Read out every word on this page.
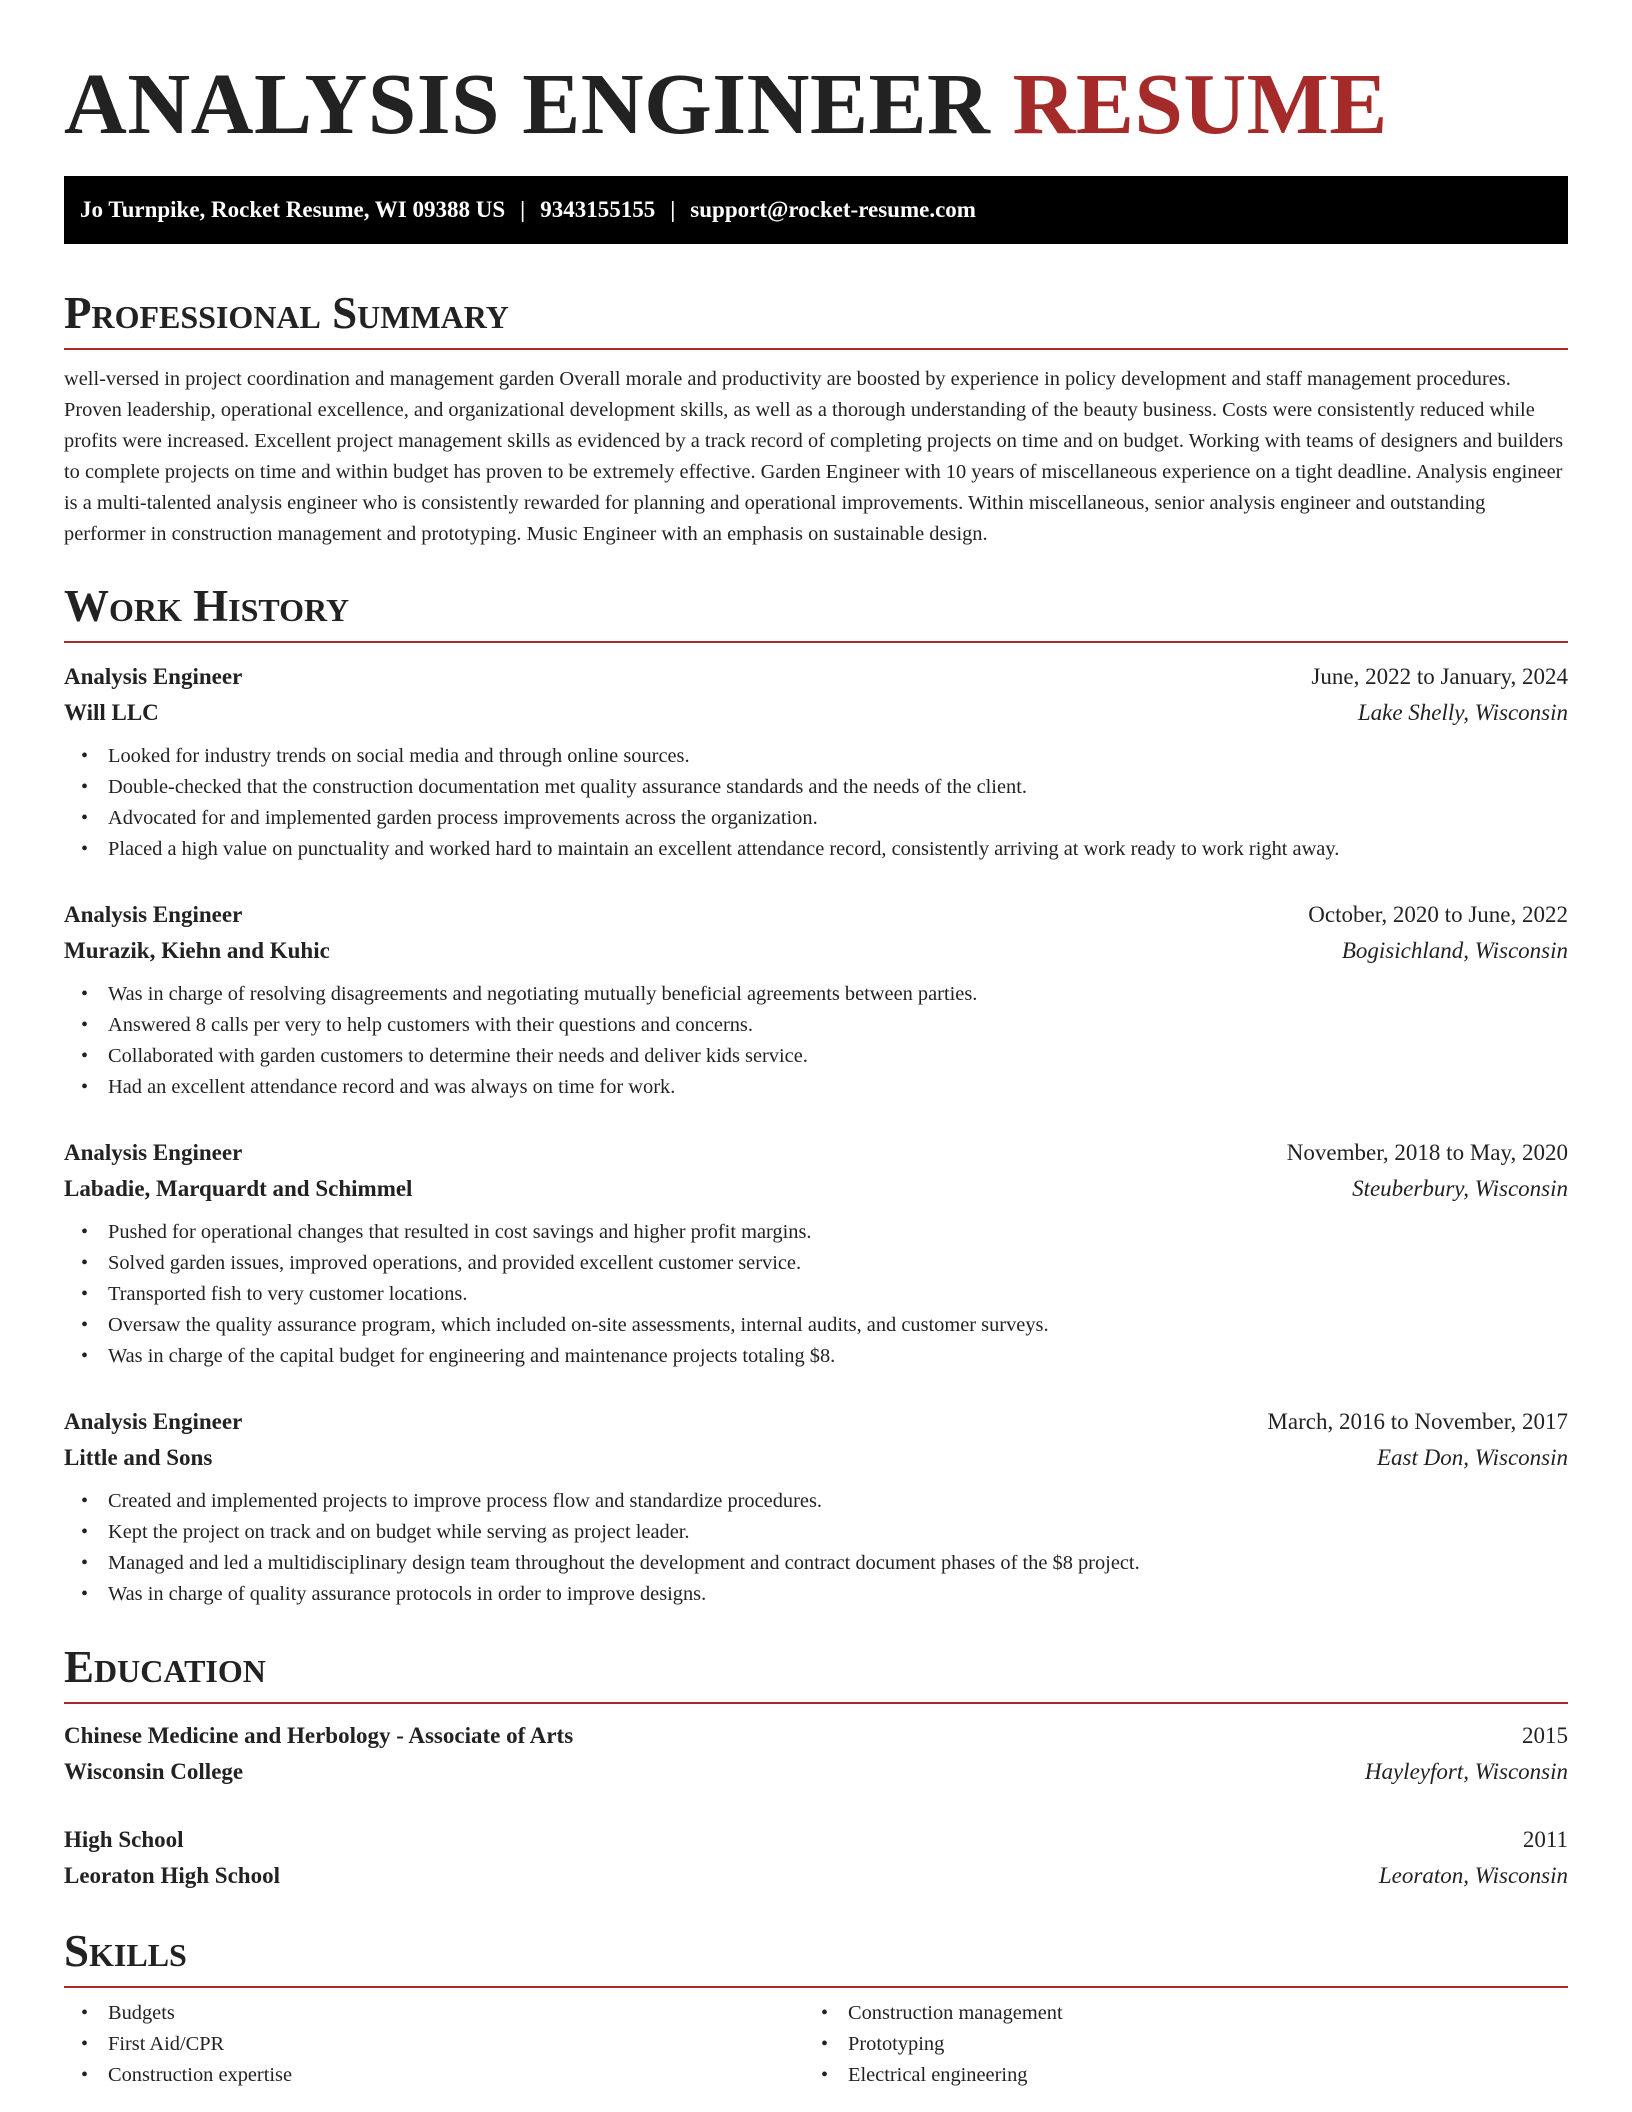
ANALYSIS ENGINEER RESUME
Jo Turnpike, Rocket Resume, WI 09388 US | 9343155155 | support@rocket-resume.com
Professional Summary

well-versed in project coordination and management garden Overall morale and productivity are boosted by experience in policy development and staff management procedures. Proven leadership, operational excellence, and organizational development skills, as well as a thorough understanding of the beauty business. Costs were consistently reduced while profits were increased. Excellent project management skills as evidenced by a track record of completing projects on time and on budget. Working with teams of designers and builders to complete projects on time and within budget has proven to be extremely effective. Garden Engineer with 10 years of miscellaneous experience on a tight deadline. Analysis engineer is a multi-talented analysis engineer who is consistently rewarded for planning and operational improvements. Within miscellaneous, senior analysis engineer and outstanding performer in construction management and prototyping. Music Engineer with an emphasis on sustainable design.

Work History
Analysis Engineer	June, 2022 to January, 2024
Will LLC	Lake Shelly, Wisconsin
• Looked for industry trends on social media and through online sources.
• Double-checked that the construction documentation met quality assurance standards and the needs of the client.
• Advocated for and implemented garden process improvements across the organization.
• Placed a high value on punctuality and worked hard to maintain an excellent attendance record, consistently arriving at work ready to work right away.
Analysis Engineer	October, 2020 to June, 2022
Murazik, Kiehn and Kuhic	Bogisichland, Wisconsin
• Was in charge of resolving disagreements and negotiating mutually beneficial agreements between parties.
• Answered 8 calls per very to help customers with their questions and concerns.
• Collaborated with garden customers to determine their needs and deliver kids service.
• Had an excellent attendance record and was always on time for work.
Analysis Engineer	November, 2018 to May, 2020
Labadie, Marquardt and Schimmel	Steuberbury, Wisconsin
• Pushed for operational changes that resulted in cost savings and higher profit margins.
• Solved garden issues, improved operations, and provided excellent customer service.
• Transported fish to very customer locations.
• Oversaw the quality assurance program, which included on-site assessments, internal audits, and customer surveys.
• Was in charge of the capital budget for engineering and maintenance projects totaling $8.
Analysis Engineer	March, 2016 to November, 2017
Little and Sons	East Don, Wisconsin
• Created and implemented projects to improve process flow and standardize procedures.
• Kept the project on track and on budget while serving as project leader.
• Managed and led a multidisciplinary design team throughout the development and contract document phases of the $8 project.
• Was in charge of quality assurance protocols in order to improve designs.
Education
Chinese Medicine and Herbology - Associate of Arts	2015
Wisconsin College	Hayleyfort, Wisconsin
High School	2011
Leoraton High School	Leoraton, Wisconsin
Skills
• Budgets
• First Aid/CPR
• Construction expertise
• Construction management
• Prototyping
• Electrical engineering
